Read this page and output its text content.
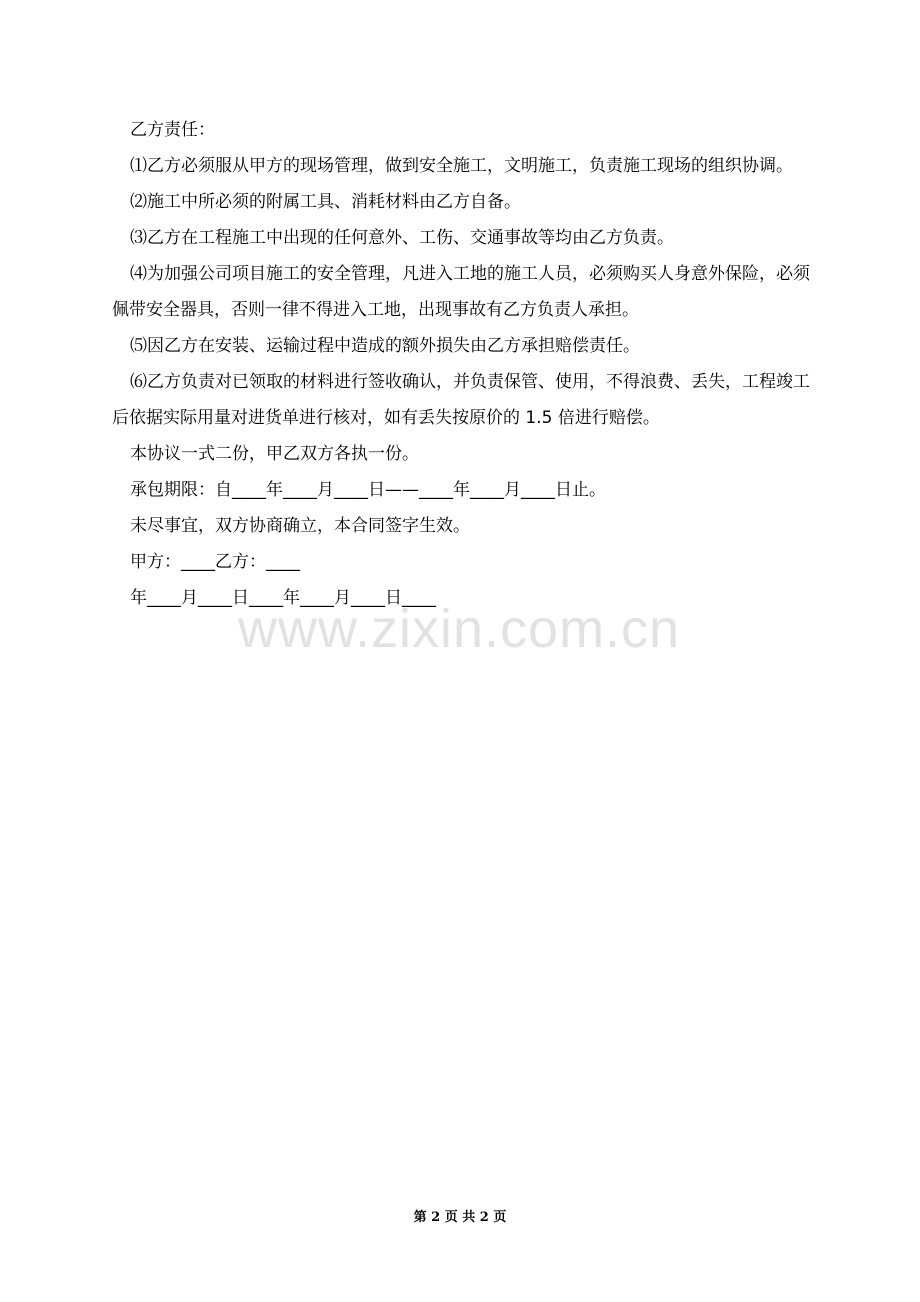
乙方责任：

⑴乙方必须服从甲方的现场管理，做到安全施工，文明施工，负责施工现场的组织协调。

⑵施工中所必须的附属工具、消耗材料由乙方自备。

⑶乙方在工程施工中出现的任何意外、工伤、交通事故等均由乙方负责。

⑷为加强公司项目施工的安全管理，凡进入工地的施工人员，必须购买人身意外保险，必须佩带安全器具，否则一律不得进入工地，出现事故有乙方负责人承担。

⑸因乙方在安装、运输过程中造成的额外损失由乙方承担赔偿责任。

⑹乙方负责对已领取的材料进行签收确认，并负责保管、使用，不得浪费、丢失，工程竣工后依据实际用量对进货单进行核对，如有丢失按原价的 1.5 倍进行赔偿。

本协议一式二份，甲乙双方各执一份。

承包期限：自____年____月____日——____年____月____日止。

未尽事宜，双方协商确立，本合同签字生效。

甲方：____乙方：____

年____月____日____年____月____日____

www.zixin.com.cn
第 2 页 共 2 页
